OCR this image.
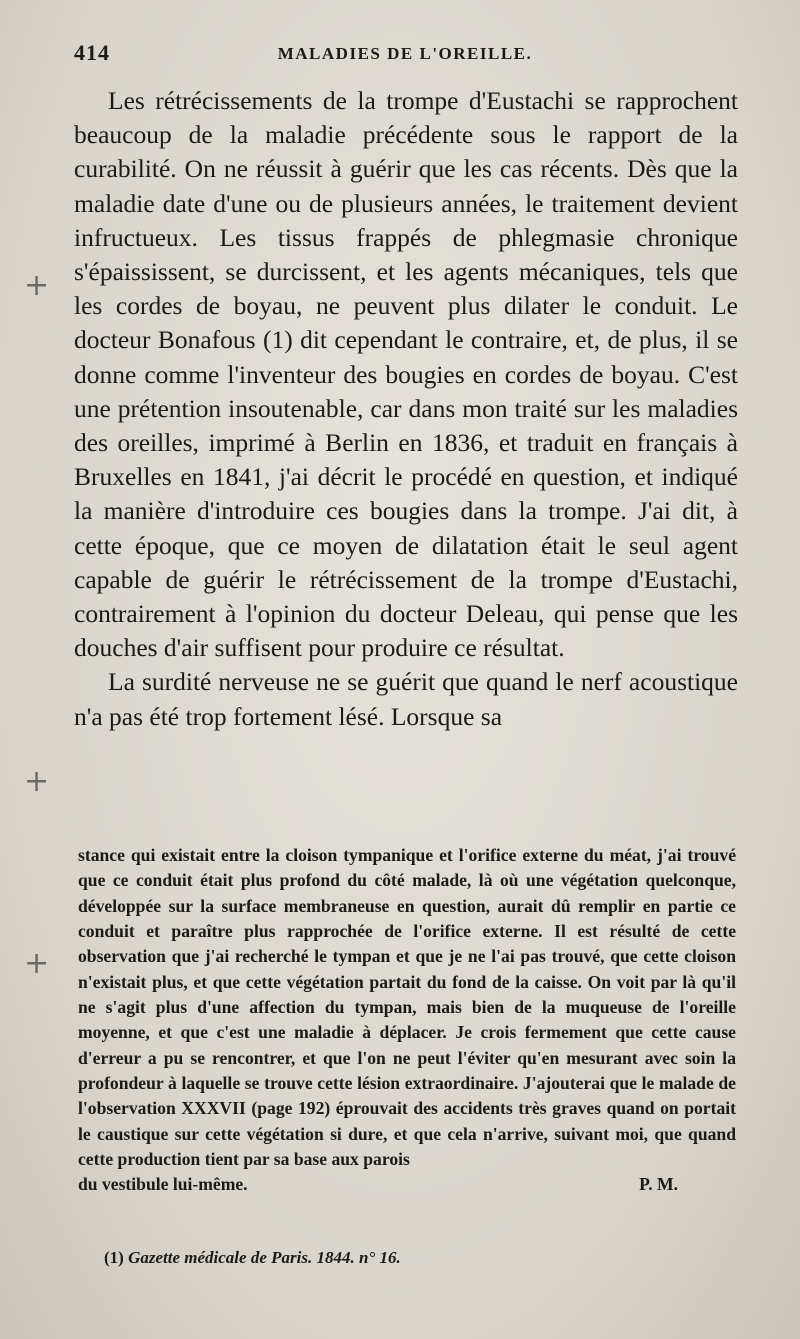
414	MALADIES DE L'OREILLE.

Les rétrécissements de la trompe d'Eustachi se rapprochent beaucoup de la maladie précédente sous le rapport de la curabilité. On ne réussit à guérir que les cas récents. Dès que la maladie date d'une ou de plusieurs années, le traitement devient infructueux. Les tissus frappés de phlegmasie chronique s'épaississent, se durcissent, et les agents mécaniques, tels que les cordes de boyau, ne peuvent plus dilater le conduit. Le docteur Bonafous (1) dit cependant le contraire, et, de plus, il se donne comme l'inventeur des bougies en cordes de boyau. C'est une prétention insoutenable, car dans mon traité sur les maladies des oreilles, imprimé à Berlin en 1836, et traduit en français à Bruxelles en 1841, j'ai décrit le procédé en question, et indiqué la manière d'introduire ces bougies dans la trompe. J'ai dit, à cette époque, que ce moyen de dilatation était le seul agent capable de guérir le rétrécissement de la trompe d'Eustachi, contrairement à l'opinion du docteur Deleau, qui pense que les douches d'air suffisent pour produire ce résultat.

La surdité nerveuse ne se guérit que quand le nerf acoustique n'a pas été trop fortement lésé. Lorsque sa

stance qui existait entre la cloison tympanique et l'orifice externe du méat, j'ai trouvé que ce conduit était plus profond du côté malade, là où une végétation quelconque, développée sur la surface membraneuse en question, aurait dû remplir en partie ce conduit et paraître plus rapprochée de l'orifice externe. Il est résulté de cette observation que j'ai recherché le tympan et que je ne l'ai pas trouvé, que cette cloison n'existait plus, et que cette végétation partait du fond de la caisse. On voit par là qu'il ne s'agit plus d'une affection du tympan, mais bien de la muqueuse de l'oreille moyenne, et que c'est une maladie à déplacer. Je crois fermement que cette cause d'erreur a pu se rencontrer, et que l'on ne peut l'éviter qu'en mesurant avec soin la profondeur à laquelle se trouve cette lésion extraordinaire. J'ajouterai que le malade de l'observation XXXVII (page 192) éprouvait des accidents très graves quand on portait le caustique sur cette végétation si dure, et que cela n'arrive, suivant moi, que quand cette production tient par sa base aux parois

du vestibule lui-même.	P. M.
(1) Gazette médicale de Paris. 1844. n° 16.
+
+
+
